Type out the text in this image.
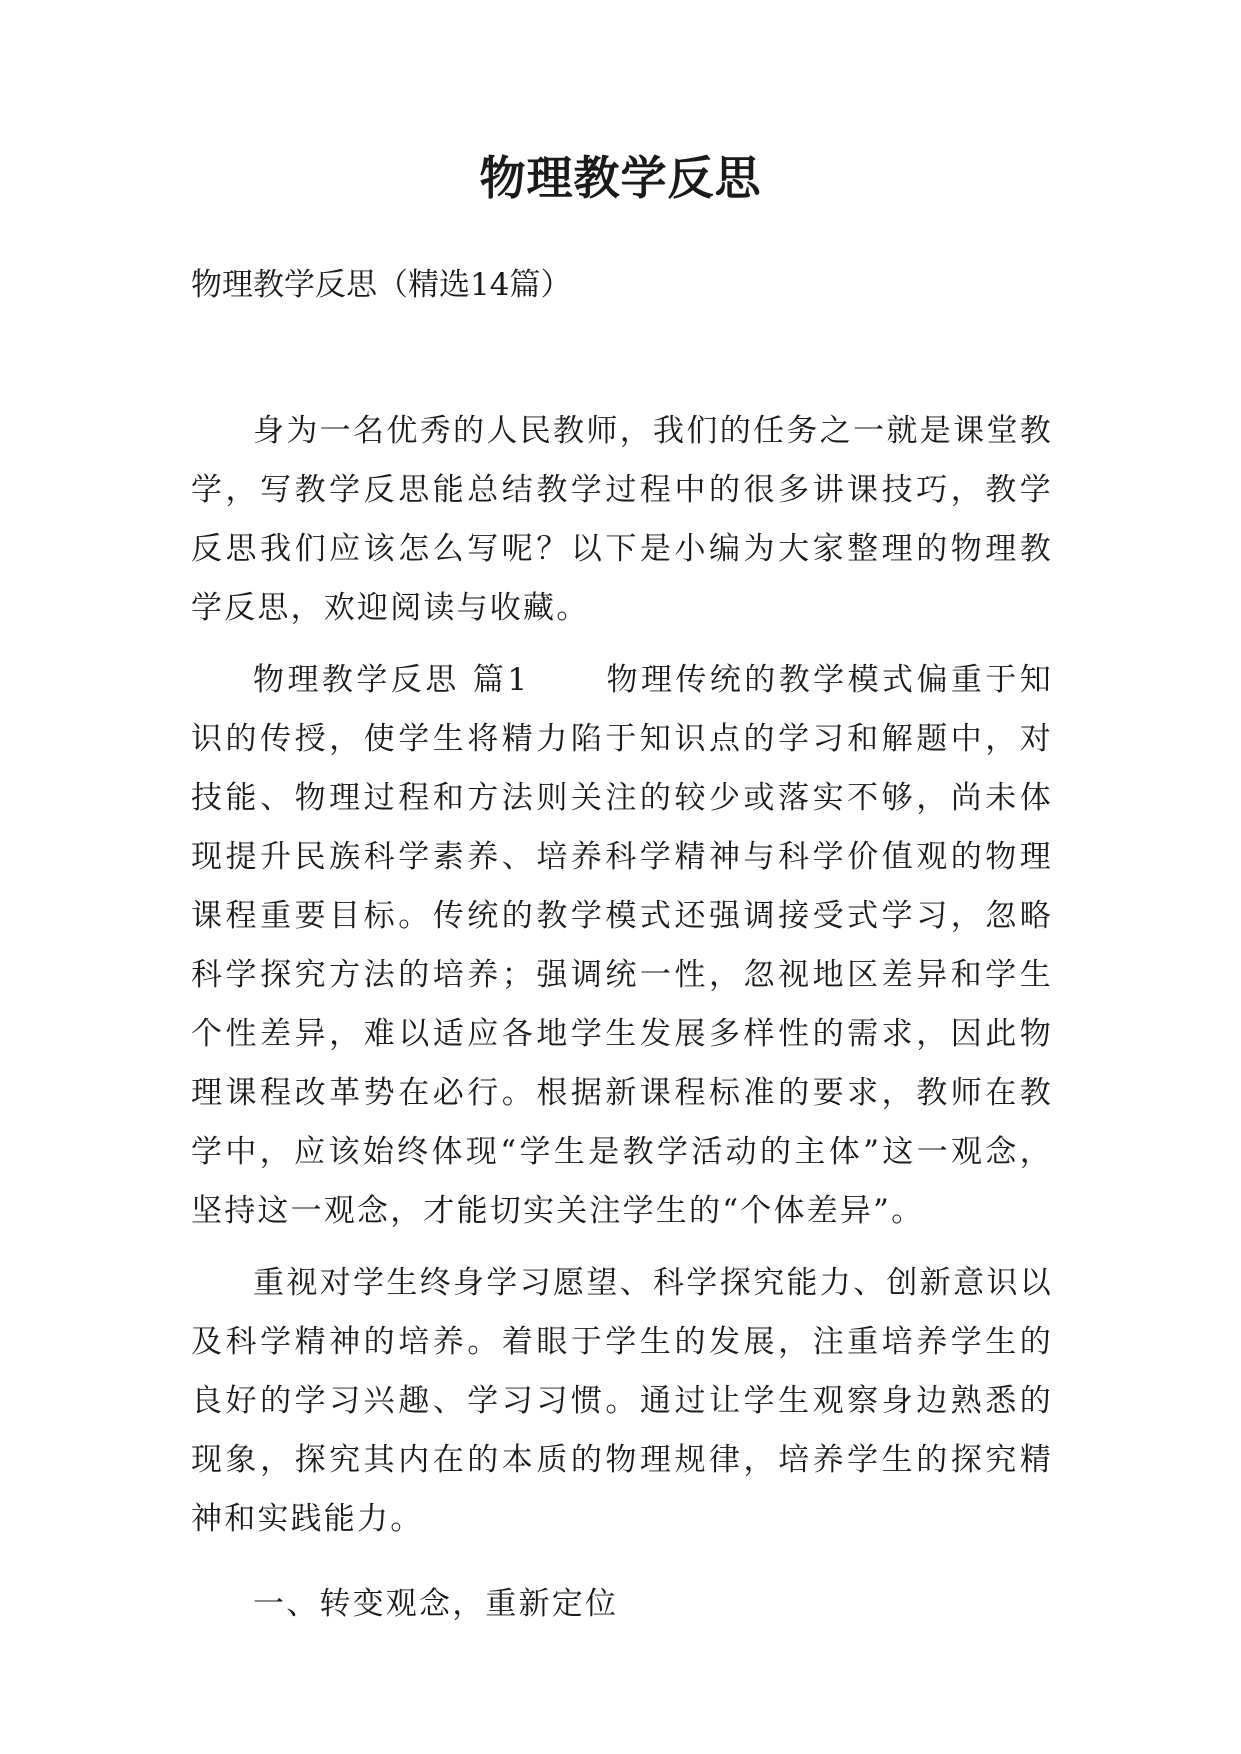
物理教学反思

物理教学反思（精选14篇）

身为一名优秀的人民教师，我们的任务之一就是课堂教学，写教学反思能总结教学过程中的很多讲课技巧，教学反思我们应该怎么写呢？以下是小编为大家整理的物理教学反思，欢迎阅读与收藏。

物理教学反思 篇1 物理传统的教学模式偏重于知识的传授，使学生将精力陷于知识点的学习和解题中，对技能、物理过程和方法则关注的较少或落实不够，尚未体现提升民族科学素养、培养科学精神与科学价值观的物理课程重要目标。传统的教学模式还强调接受式学习，忽略科学探究方法的培养；强调统一性，忽视地区差异和学生个性差异，难以适应各地学生发展多样性的需求，因此物理课程改革势在必行。根据新课程标准的要求，教师在教学中，应该始终体现“学生是教学活动的主体”这一观念，坚持这一观念，才能切实关注学生的“个体差异”。

重视对学生终身学习愿望、科学探究能力、创新意识以及科学精神的培养。着眼于学生的发展，注重培养学生的良好的学习兴趣、学习习惯。通过让学生观察身边熟悉的现象，探究其内在的本质的物理规律，培养学生的探究精神和实践能力。

一、转变观念，重新定位
